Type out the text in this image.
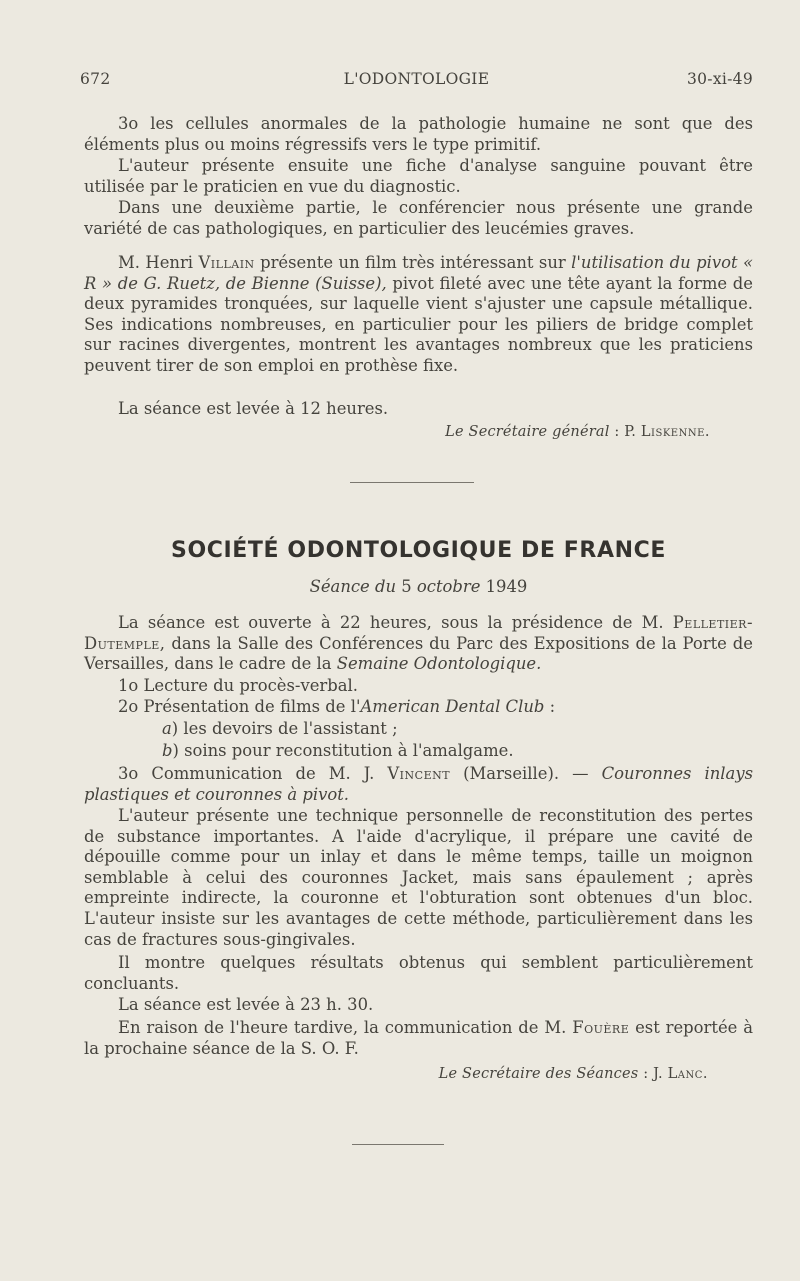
672	L'ODONTOLOGIE	30-xi-49

3o les cellules anormales de la pathologie humaine ne sont que des éléments plus ou moins régressifs vers le type primitif.

L'auteur présente ensuite une fiche d'analyse sanguine pouvant être utilisée par le praticien en vue du diagnostic.

Dans une deuxième partie, le conférencier nous présente une grande variété de cas pathologiques, en particulier des leucémies graves.

M. Henri Villain présente un film très intéressant sur l'utilisation du pivot « R » de G. Ruetz, de Bienne (Suisse), pivot fileté avec une tête ayant la forme de deux pyramides tronquées, sur laquelle vient s'ajuster une capsule métallique. Ses indications nombreuses, en particulier pour les piliers de bridge complet sur racines divergentes, montrent les avantages nombreux que les praticiens peuvent tirer de son emploi en prothèse fixe.

La séance est levée à 12 heures.

Le Secrétaire général : P. Liskenne.
SOCIÉTÉ ODONTOLOGIQUE DE FRANCE
Séance du 5 octobre 1949

La séance est ouverte à 22 heures, sous la présidence de M. Pelletier-Dutemple, dans la Salle des Conférences du Parc des Expositions de la Porte de Versailles, dans le cadre de la Semaine Odontologique.

1o Lecture du procès-verbal.

2o Présentation de films de l'American Dental Club :

a) les devoirs de l'assistant ;

b) soins pour reconstitution à l'amalgame.

3o Communication de M. J. Vincent (Marseille). — Couronnes inlays plastiques et couronnes à pivot.

L'auteur présente une technique personnelle de reconstitution des pertes de substance importantes. A l'aide d'acrylique, il prépare une cavité de dépouille comme pour un inlay et dans le même temps, taille un moignon semblable à celui des couronnes Jacket, mais sans épaulement ; après empreinte indirecte, la couronne et l'obturation sont obtenues d'un bloc. L'auteur insiste sur les avantages de cette méthode, particulièrement dans les cas de fractures sous-gingivales.

Il montre quelques résultats obtenus qui semblent particulièrement concluants.

La séance est levée à 23 h. 30.

En raison de l'heure tardive, la communication de M. Fouère est reportée à la prochaine séance de la S. O. F.

Le Secrétaire des Séances : J. Lanc.
